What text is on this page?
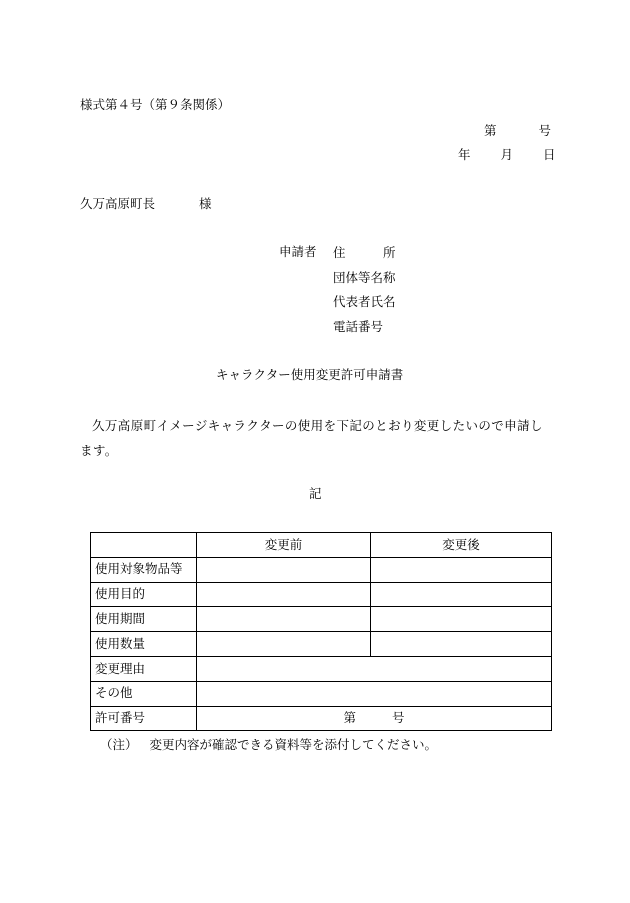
様式第４号（第９条関係）
第	号
年 月 日
久万高原町長	様
申請者 住　　　所
団体等名称
代表者氏名
電話番号
キャラクター使用変更許可申請書
久万高原町イメージキャラクターの使用を下記のとおり変更したいので申請します。
記
	変更前	変更後
使用対象物品等		
使用目的		
使用期間		
使用数量		
変更理由		
その他		
許可番号	第 号	
（注） 変更内容が確認できる資料等を添付してください。
